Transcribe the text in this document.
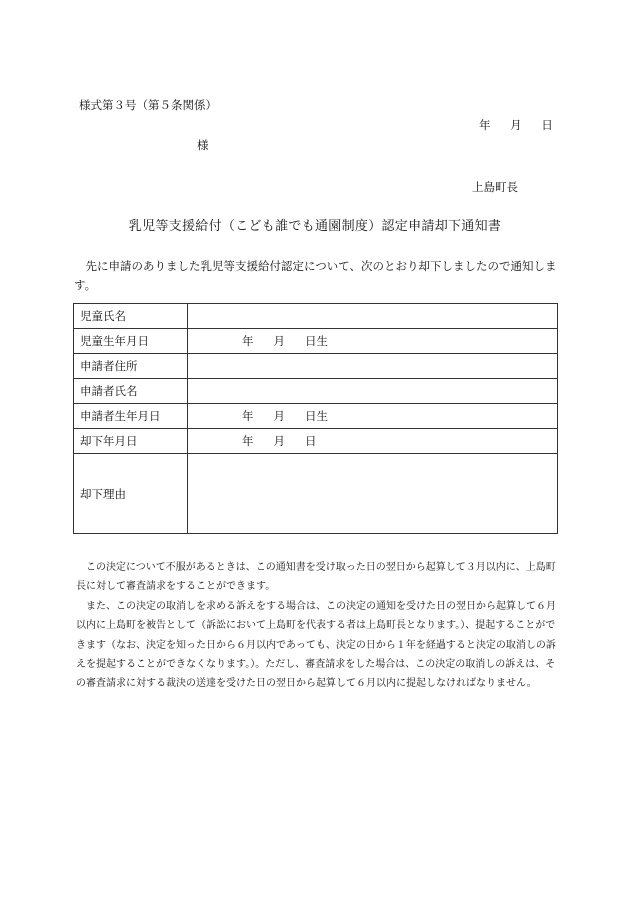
様式第３号（第５条関係）
年 月 日
様
上島町長
乳児等支援給付（こども誰でも通園制度）認定申請却下通知書

先に申請のありました乳児等支援給付認定について、次のとおり却下しましたので通知します。

児童氏名	
児童生年月日	年 月 日生
申請者住所	
申請者氏名	
申請者生年月日	年 月 日生
却下年月日	年 月 日
却下理由	

この決定について不服があるときは、この通知書を受け取った日の翌日から起算して３月以内に、上島町長に対して審査請求をすることができます。

また、この決定の取消しを求める訴えをする場合は、この決定の通知を受けた日の翌日から起算して６月以内に上島町を被告として（訴訟において上島町を代表する者は上島町長となります。）、提起することができます（なお、決定を知った日から６月以内であっても、決定の日から１年を経過すると決定の取消しの訴えを提起することができなくなります。）。ただし、審査請求をした場合は、この決定の取消しの訴えは、その審査請求に対する裁決の送達を受けた日の翌日から起算して６月以内に提起しなければなりません。
